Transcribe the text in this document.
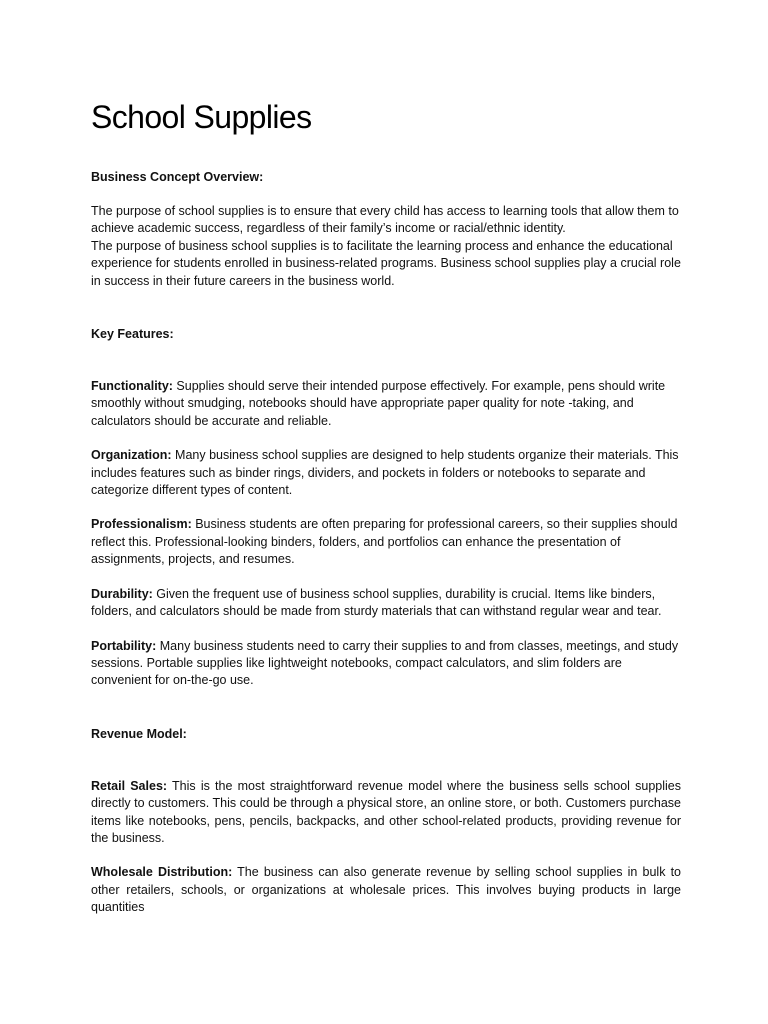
School Supplies

Business Concept Overview:

The purpose of school supplies is to ensure that every child has access to learning tools that allow them to achieve academic success, regardless of their family’s income or racial/ethnic identity.

The purpose of business school supplies is to facilitate the learning process and enhance the educational experience for students enrolled in business-related programs. Business school supplies play a crucial role in success in their future careers in the business world.

Key Features:

Functionality: Supplies should serve their intended purpose effectively. For example, pens should write smoothly without smudging, notebooks should have appropriate paper quality for note -taking, and calculators should be accurate and reliable.

Organization: Many business school supplies are designed to help students organize their materials. This includes features such as binder rings, dividers, and pockets in folders or notebooks to separate and categorize different types of content.

Professionalism: Business students are often preparing for professional careers, so their supplies should reflect this. Professional-looking binders, folders, and portfolios can enhance the presentation of assignments, projects, and resumes.

Durability: Given the frequent use of business school supplies, durability is crucial. Items like binders, folders, and calculators should be made from sturdy materials that can withstand regular wear and tear.

Portability: Many business students need to carry their supplies to and from classes, meetings, and study sessions. Portable supplies like lightweight notebooks, compact calculators, and slim folders are convenient for on-the-go use.

Revenue Model:

Retail Sales: This is the most straightforward revenue model where the business sells school supplies directly to customers. This could be through a physical store, an online store, or both. Customers purchase items like notebooks, pens, pencils, backpacks, and other school-related products, providing revenue for the business.

Wholesale Distribution: The business can also generate revenue by selling school supplies in bulk to other retailers, schools, or organizations at wholesale prices. This involves buying products in large quantities
